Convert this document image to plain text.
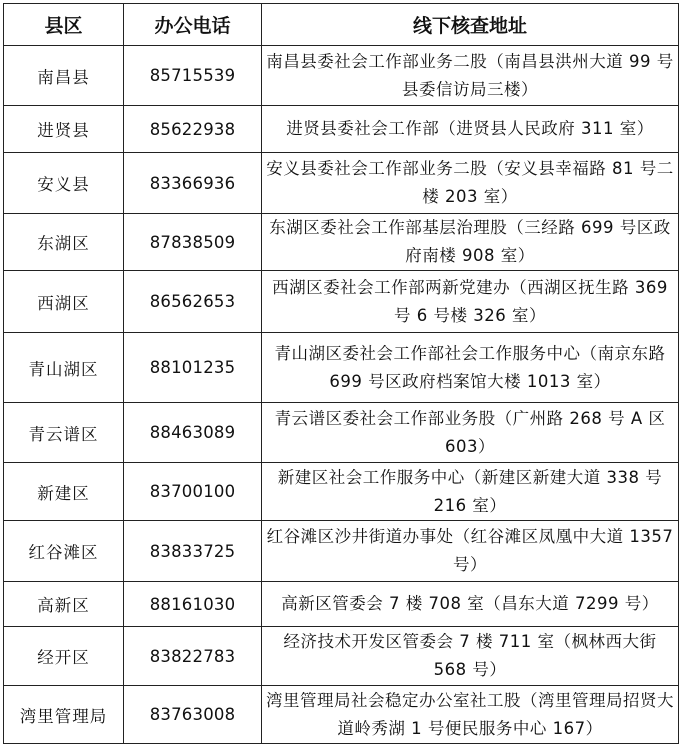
县区	办公电话	线下核查地址
南昌县	85715539	南昌县委社会工作部业务二股（南昌县洪州大道 99 号县委信访局三楼）
进贤县	85622938	进贤县委社会工作部（进贤县人民政府 311 室）
安义县	83366936	安义县委社会工作部业务二股（安义县幸福路 81 号二楼 203 室）
东湖区	87838509	东湖区委社会工作部基层治理股（三经路 699 号区政府南楼 908 室）
西湖区	86562653	西湖区委社会工作部两新党建办（西湖区抚生路 369 号 6 号楼 326 室）
青山湖区	88101235	青山湖区委社会工作部社会工作服务中心（南京东路 699 号区政府档案馆大楼 1013 室）
青云谱区	88463089	青云谱区委社会工作部业务股（广州路 268 号 A 区 603）
新建区	83700100	新建区社会工作服务中心（新建区新建大道 338 号 216 室）
红谷滩区	83833725	红谷滩区沙井街道办事处（红谷滩区凤凰中大道 1357 号）
高新区	88161030	高新区管委会 7 楼 708 室（昌东大道 7299 号）
经开区	83822783	经济技术开发区管委会 7 楼 711 室（枫林西大街 568 号）
湾里管理局	83763008	湾里管理局社会稳定办公室社工股（湾里管理局招贤大道岭秀湖 1 号便民服务中心 167）
